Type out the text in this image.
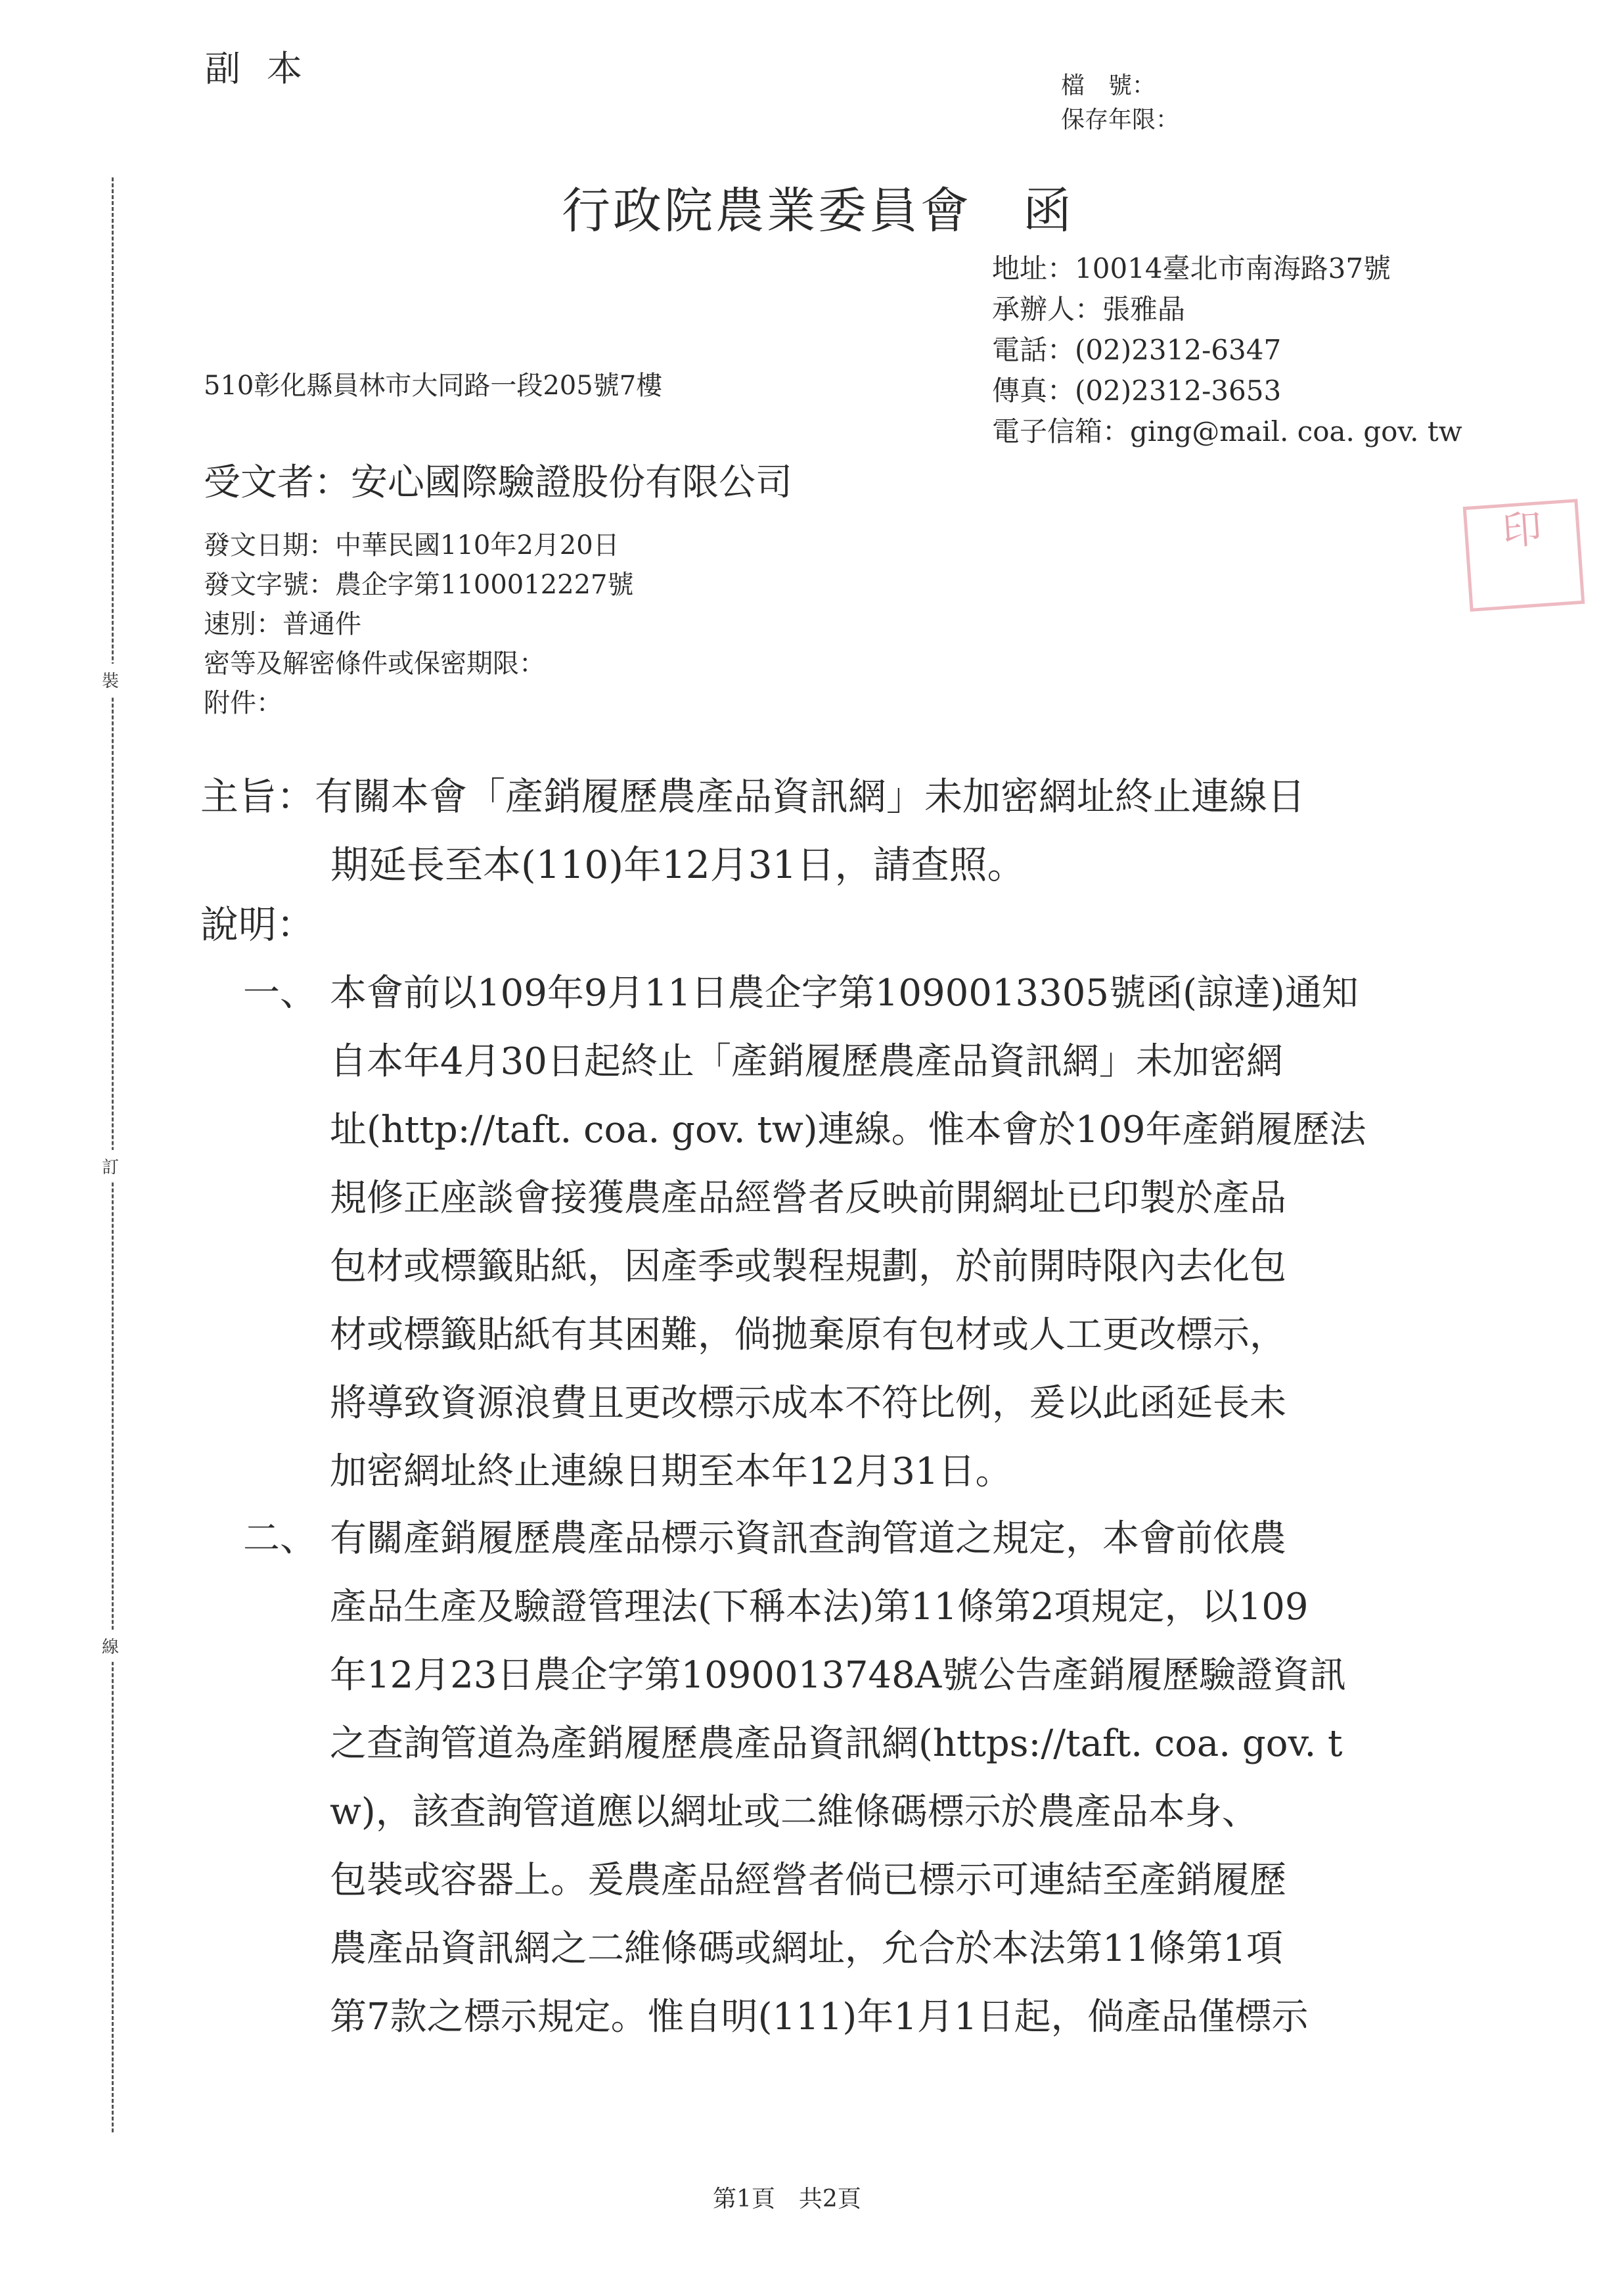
副本	檔　號：
保存年限：
行政院農業委員會　函
地址：10014臺北市南海路37號
承辦人：張雅晶
電話：(02)2312-6347
傳真：(02)2312-3653
電子信箱：ging@mail. coa. gov. tw
510彰化縣員林市大同路一段205號7樓
受文者：安心國際驗證股份有限公司
發文日期：中華民國110年2月20日
發文字號：農企字第1100012227號
速別：普通件
密等及解密條件或保密期限：
附件：
印
主旨：有關本會「產銷履歷農產品資訊網」未加密網址終止連線日
期延長至本(110)年12月31日，請查照。
說明：
一、 本會前以109年9月11日農企字第1090013305號函(諒達)通知
自本年4月30日起終止「產銷履歷農產品資訊網」未加密網
址(http://taft. coa. gov. tw)連線。惟本會於109年產銷履歷法
規修正座談會接獲農產品經營者反映前開網址已印製於產品
包材或標籤貼紙，因產季或製程規劃，於前開時限內去化包
材或標籤貼紙有其困難，倘拋棄原有包材或人工更改標示，
將導致資源浪費且更改標示成本不符比例，爰以此函延長未
加密網址終止連線日期至本年12月31日。
二、 有關產銷履歷農產品標示資訊查詢管道之規定，本會前依農
產品生產及驗證管理法(下稱本法)第11條第2項規定，以109
年12月23日農企字第1090013748A號公告產銷履歷驗證資訊
之查詢管道為產銷履歷農產品資訊網(https://taft. coa. gov. t
w)，該查詢管道應以網址或二維條碼標示於農產品本身、
包裝或容器上。爰農產品經營者倘已標示可連結至產銷履歷
農產品資訊網之二維條碼或網址，允合於本法第11條第1項
第7款之標示規定。惟自明(111)年1月1日起，倘產品僅標示
裝
訂
線
第1頁　共2頁
